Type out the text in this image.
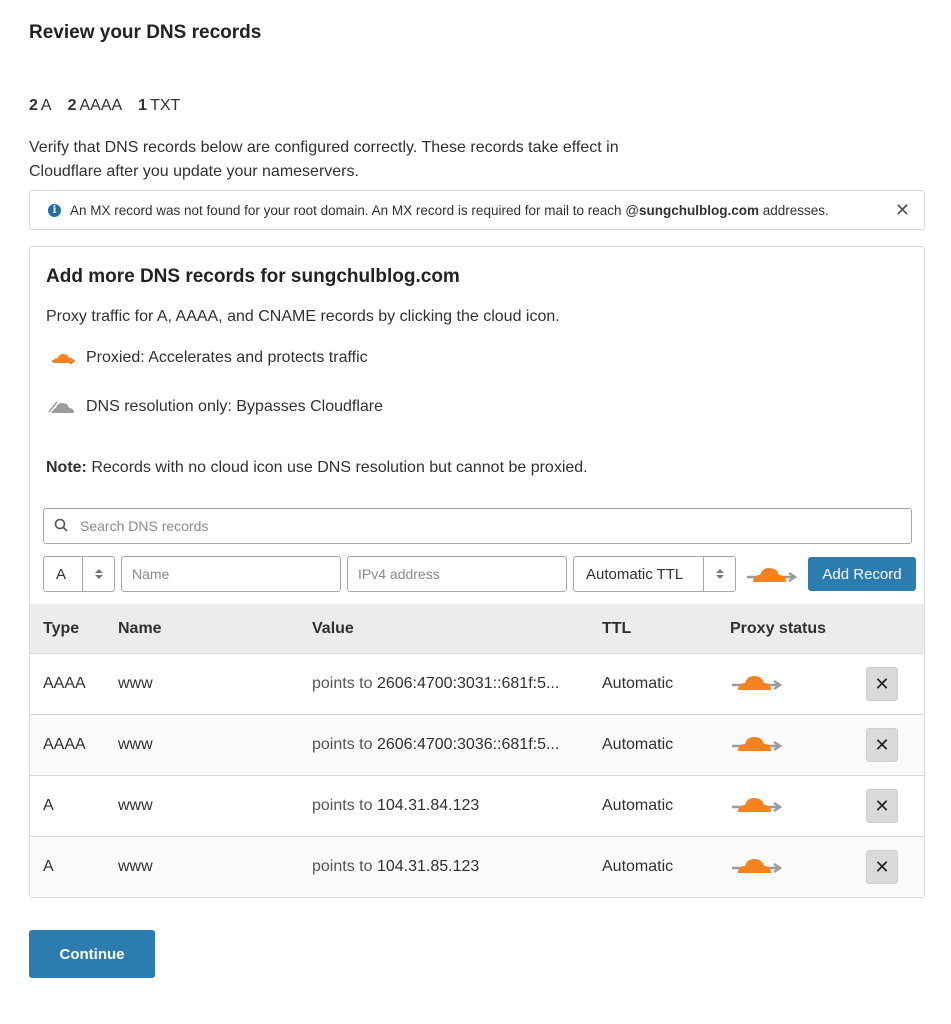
Review your DNS records
2 A 2 AAAA 1 TXT
Verify that DNS records below are configured correctly. These records take effect in Cloudflare after you update your nameservers.
i	An MX record was not found for your root domain. An MX record is required for mail to reach @sungchulblog.com addresses.	✕
Add more DNS records for sungchulblog.com
Proxy traffic for A, AAAA, and CNAME records by clicking the cloud icon.
Proxied: Accelerates and protects traffic
DNS resolution only: Bypasses Cloudflare
Note: Records with no cloud icon use DNS resolution but cannot be proxied.
Search DNS records
A
Name
IPv4 address	Automatic TTL	Add Record
Type	Name	Value	TTL	Proxy status
AAAA	www	points to 2606:4700:3031::681f:5...	Automatic	✕
AAAA	www	points to 2606:4700:3036::681f:5...	Automatic	✕
A	www	points to 104.31.84.123	Automatic	✕
A	www	points to 104.31.85.123	Automatic	✕
Continue
